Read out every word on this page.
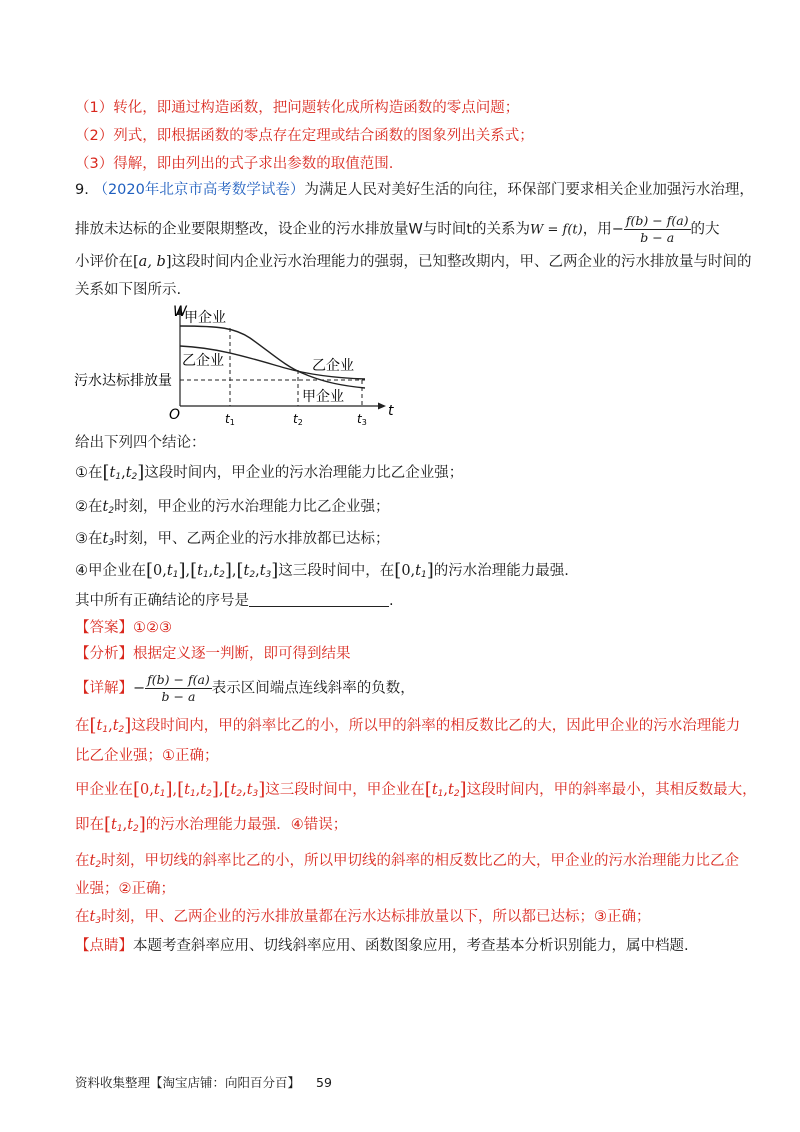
（1）转化，即通过构造函数，把问题转化成所构造函数的零点问题；
（2）列式，即根据函数的零点存在定理或结合函数的图象列出关系式；
（3）得解，即由列出的式子求出参数的取值范围.
9. （2020年北京市高考数学试卷）为满足人民对美好生活的向往，环保部门要求相关企业加强污水治理，
排放未达标的企业要限期整改，设企业的污水排放量W与时间t的关系为W = f(t)，用− $\frac{f(b) - f(a)}{b - a}$ 的大
小评价在[a, b]这段时间内企业污水治理能力的强弱，已知整改期内，甲、乙两企业的污水排放量与时间的
关系如下图所示.
W
t
O
甲企业
乙企业	乙企业
甲企业
污水达标排放量
t1	t2	t3
给出下列四个结论：
①在$[t_1,t_2]$这段时间内，甲企业的污水治理能力比乙企业强；
②在$t_2$时刻，甲企业的污水治理能力比乙企业强；
③在$t_3$时刻，甲、乙两企业的污水排放都已达标；
④甲企业在$[0,t_1],[t_1,t_2],[t_2,t_3]$这三段时间中，在$[0,t_1]$的污水治理能力最强.
其中所有正确结论的序号是	.
【答案】①②③
【分析】根据定义逐一判断，即可得到结果
【详解】− $\frac{f(b) - f(a)}{b - a}$ 表示区间端点连线斜率的负数，
在$[t_1,t_2]$这段时间内，甲的斜率比乙的小，所以甲的斜率的相反数比乙的大，因此甲企业的污水治理能力
比乙企业强；①正确；
甲企业在$[0,t_1],[t_1,t_2],[t_2,t_3]$这三段时间中，甲企业在$[t_1,t_2]$这段时间内，甲的斜率最小，其相反数最大，
即在$[t_1,t_2]$的污水治理能力最强．④错误；
在$t_2$时刻，甲切线的斜率比乙的小，所以甲切线的斜率的相反数比乙的大，甲企业的污水治理能力比乙企
业强；②正确；
在$t_3$时刻，甲、乙两企业的污水排放量都在污水达标排放量以下，所以都已达标；③正确；
【点睛】本题考查斜率应用、切线斜率应用、函数图象应用，考查基本分析识别能力，属中档题.
资料收集整理【淘宝店铺：向阳百分百】 59
